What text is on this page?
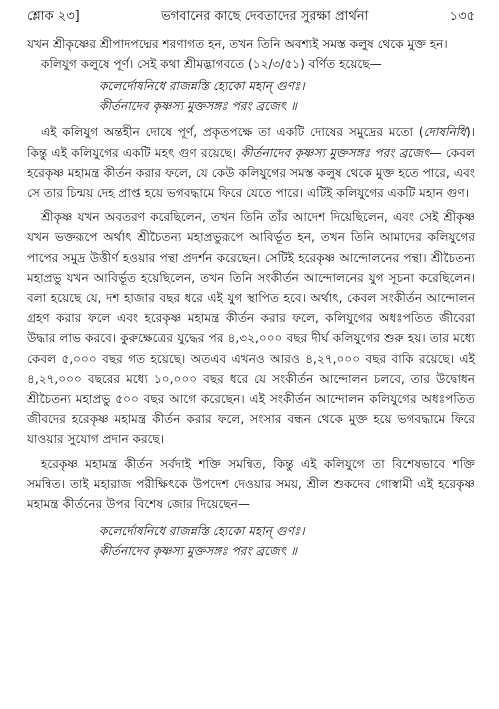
শ্লোক ২৩]	ভগবানের কাছে দেবতাদের সুরক্ষা প্রার্থনা	১৩৫

যখন শ্রীকৃষ্ণের শ্রীপাদপদ্মের শরণাগত হন, তখন তিনি অবশ্যই সমস্ত কলুষ থেকে মুক্ত হন।

কলিযুগ কলুষে পূর্ণ। সেই কথা শ্রীমদ্ভাগবতে (১২/৩/৫১) বর্ণিত হয়েছে—

কলের্দোষনিধে রাজন্নস্তি হ্যেকো মহান্ গুণঃ।
কীর্তনাদেব কৃষ্ণস্য মুক্তসঙ্গঃ পরং ব্রজেৎ ॥

এই কলিযুগ অন্তহীন দোষে পূর্ণ, প্রকৃতপক্ষে তা একটি দোষের সমুদ্রের মতো (দোষনিধি)। কিন্তু এই কলিযুগের একটি মহৎ গুণ রয়েছে। কীর্তনাদেব কৃষ্ণস্য মুক্তসঙ্গঃ পরং ব্রজেৎ— কেবল হরেকৃষ্ণ মহামন্ত্র কীর্তন করার ফলে, যে কেউ কলিযুগের সমস্ত কলুষ থেকে মুক্ত হতে পারে, এবং সে তার চিন্ময় দেহ প্রাপ্ত হয়ে ভগবদ্ধামে ফিরে যেতে পারে। এটিই কলিযুগের একটি মহান গুণ।

শ্রীকৃষ্ণ যখন অবতরণ করেছিলেন, তখন তিনি তাঁর আদেশ দিয়েছিলেন, এবং সেই শ্রীকৃষ্ণ যখন ভক্তরূপে অর্থাৎ শ্রীচৈতন্য মহাপ্রভুরূপে আবির্ভূত হন, তখন তিনি আমাদের কলিযুগের পাপের সমুদ্র উত্তীর্ণ হওয়ার পন্থা প্রদর্শন করেছেন। সেটিই হরেকৃষ্ণ আন্দোলনের পন্থা। শ্রীচৈতন্য মহাপ্রভু যখন আবির্ভূত হয়েছিলেন, তখন তিনি সংকীর্তন আন্দোলনের যুগ সূচনা করেছিলেন। বলা হয়েছে যে, দশ হাজার বছর ধরে এই যুগ স্থাপিত হবে। অর্থাৎ, কেবল সংকীর্তন আন্দোলন গ্রহণ করার ফলে এবং হরেকৃষ্ণ মহামন্ত্র কীর্তন করার ফলে, কলিযুগের অধঃপতিত জীবেরা উদ্ধার লাভ করবে। কুরুক্ষেত্রের যুদ্ধের পর ৪,৩২,০০০ বছর দীর্ঘ কলিযুগের শুরু হয়। তার মধ্যে কেবল ৫,০০০ বছর গত হয়েছে। অতএব এখনও আরও ৪,২৭,০০০ বছর বাকি রয়েছে। এই ৪,২৭,০০০ বছরের মধ্যে ১০,০০০ বছর ধরে যে সংকীর্তন আন্দোলন চলবে, তার উদ্বোধন শ্রীচৈতন্য মহাপ্রভু ৫০০ বছর আগে করেছেন। এই সংকীর্তন আন্দোলন কলিযুগের অধঃপতিত জীবদের হরেকৃষ্ণ মহামন্ত্র কীর্তন করার ফলে, সংসার বন্ধন থেকে মুক্ত হয়ে ভগবদ্ধামে ফিরে যাওয়ার সুযোগ প্রদান করছে।

হরেকৃষ্ণ মহামন্ত্র কীর্তন সর্বদাই শক্তি সমন্বিত, কিন্তু এই কলিযুগে তা বিশেষভাবে শক্তি সমন্বিত। তাই মহারাজ পরীক্ষিৎকে উপদেশ দেওয়ার সময়, শ্রীল শুকদেব গোস্বামী এই হরেকৃষ্ণ মহামন্ত্র কীর্তনের উপর বিশেষ জোর দিয়েছেন—

কলের্দোষনিধে রাজন্নস্তি হ্যেকো মহান্ গুণঃ।
কীর্তনাদেব কৃষ্ণস্য মুক্তসঙ্গঃ পরং ব্রজেৎ ॥
